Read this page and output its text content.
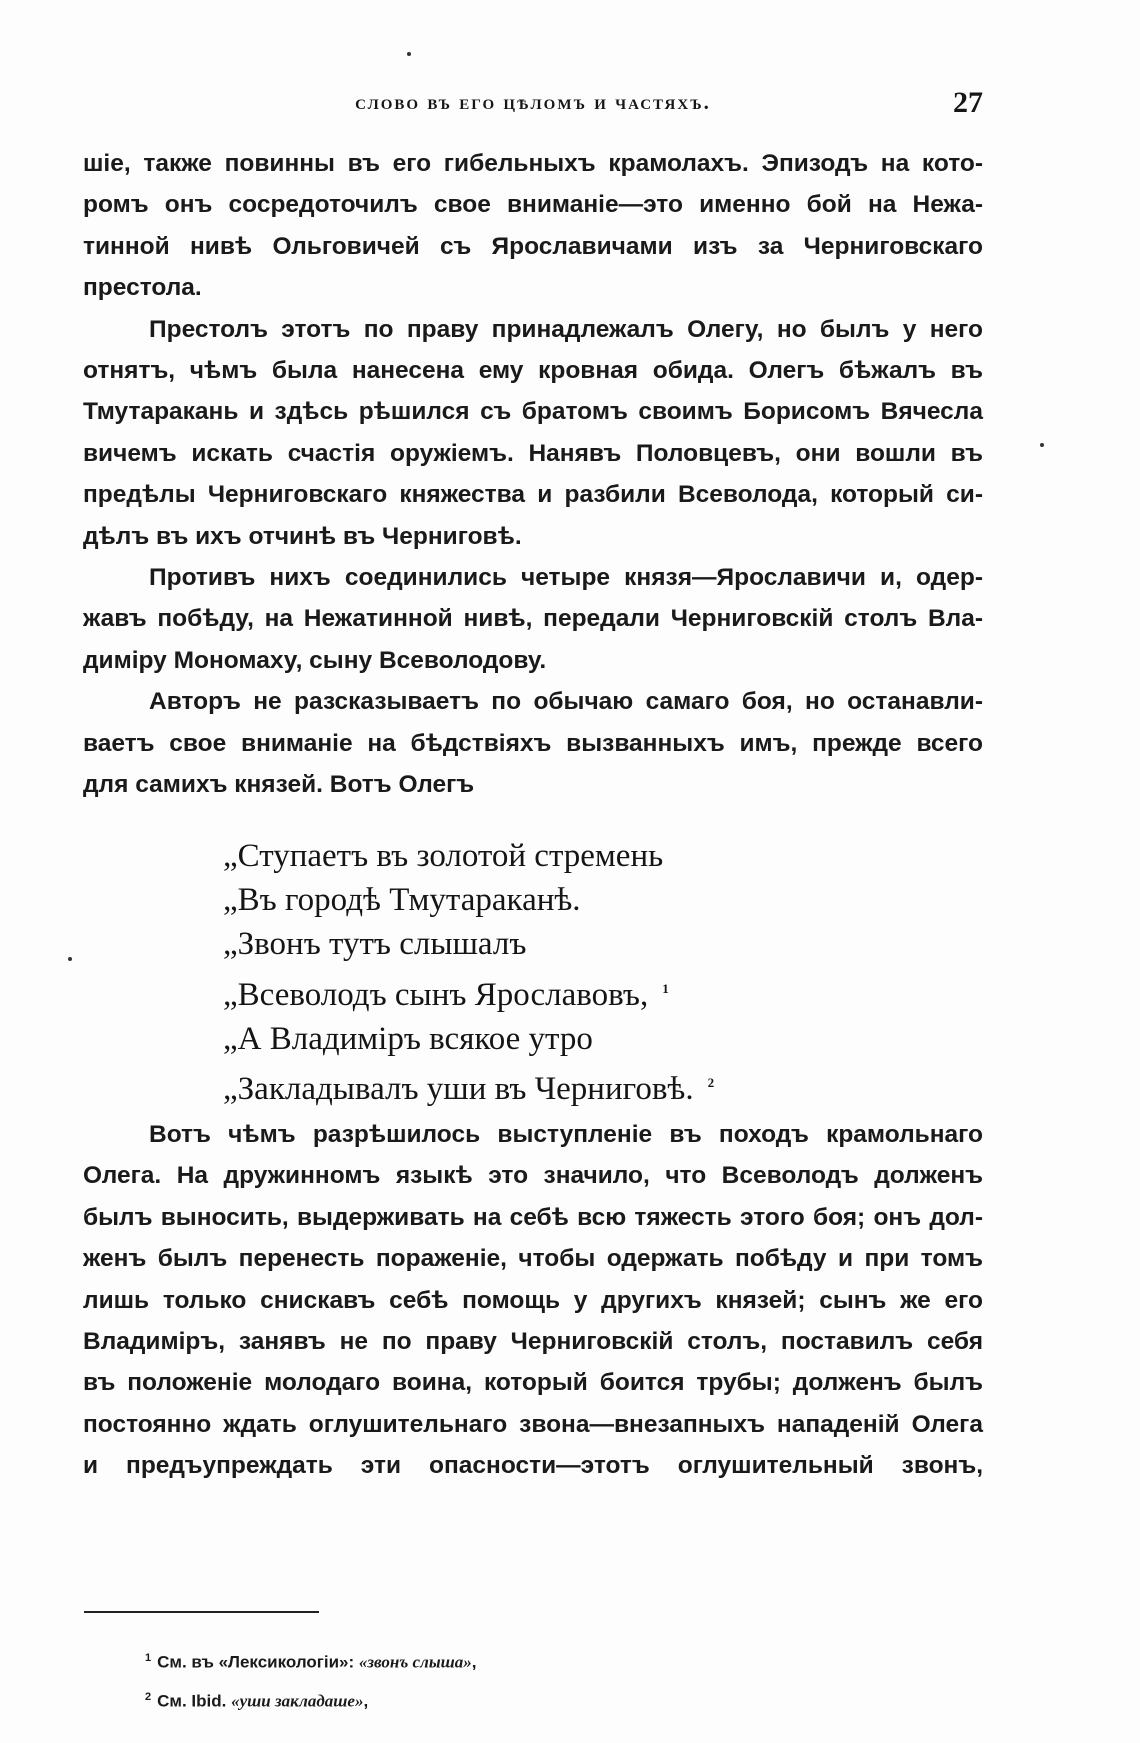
слово въ его цѣломъ и частяхъ.	27

шіе, также повинны въ его гибельныхъ крамолахъ. Эпизодъ на кото-
ромъ онъ сосредоточилъ свое вниманіе—это именно бой на Нежа-
тинной нивѣ Ольговичей съ Ярославичами изъ за Черниговскаго

престола.

Престолъ этотъ по праву принадлежалъ Олегу, но былъ у него
отнятъ, чѣмъ была нанесена ему кровная обида. Олегъ бѣжалъ въ
Тмутаракань и здѣсь рѣшился съ братомъ своимъ Борисомъ Вячесла
вичемъ искать счастія оружіемъ. Нанявъ Половцевъ, они вошли въ
предѣлы Черниговскаго княжества и разбили Всеволода, который си-

дѣлъ въ ихъ отчинѣ въ Черниговѣ.

Противъ нихъ соединились четыре князя—Ярославичи и, одер-
жавъ побѣду, на Нежатинной нивѣ, передали Черниговскій столъ Вла-

диміру Мономаху, сыну Всеволодову.

Авторъ не разсказываетъ по обычаю самаго боя, но останавли-
ваетъ свое вниманіе на бѣдствіяхъ вызванныхъ имъ, прежде всего

для самихъ князей. Вотъ Олегъ

„Ступаетъ въ золотой стремень
„Въ городѣ Тмутараканѣ.
„Звонъ тутъ слышалъ
„Всеволодъ сынъ Ярославовъ, $^1$
„А Владиміръ всякое утро
„Закладывалъ уши въ Черниговѣ. $^2$

Вотъ чѣмъ разрѣшилось выступленіе въ походъ крамольнаго
Олега. На дружинномъ языкѣ это значило, что Всеволодъ долженъ
былъ выносить, выдерживать на себѣ всю тяжесть этого боя; онъ дол-
женъ былъ перенесть пораженіе, чтобы одержать побѣду и при томъ
лишь только снискавъ себѣ помощь у другихъ князей; сынъ же его
Владиміръ, занявъ не по праву Черниговскій столъ, поставилъ себя
въ положеніе молодаго воина, который боится трубы; долженъ былъ
постоянно ждать оглушительнаго звона—внезапныхъ нападеній Олега
и предъупреждать эти опасности—этотъ оглушительный звонъ,

$^1$ См. въ «Лексикологіи»: «звонъ слыша»,
$^2$ См. Ibid. «уши закладаше»,
